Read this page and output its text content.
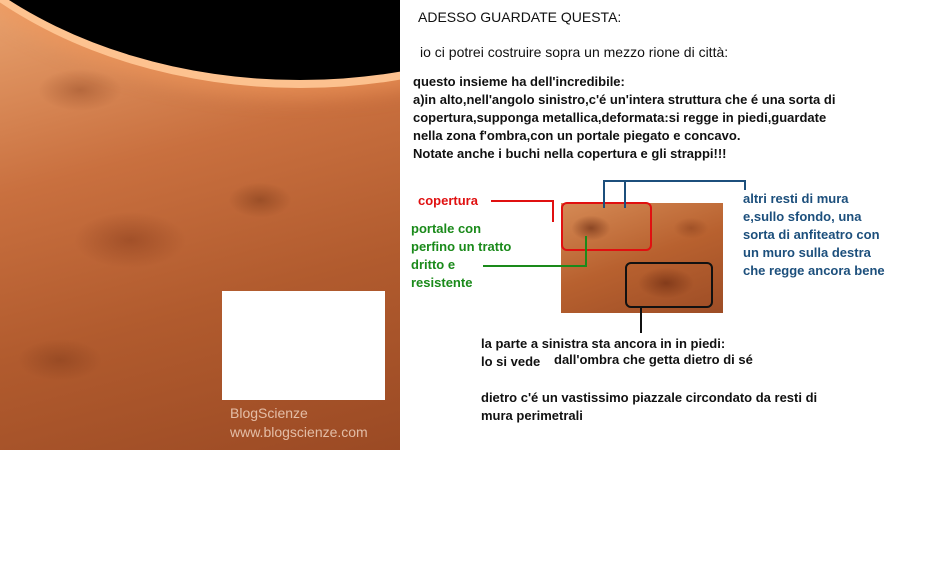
BlogScienze
www.blogscienze.com
ADESSO GUARDATE QUESTA:
io ci potrei costruire sopra un mezzo rione di città:
questo insieme ha dell'incredibile:
a)in alto,nell'angolo sinistro,c'é un'intera struttura che é una sorta di
copertura,supponga metallica,deformata:si regge in piedi,guardate
nella zona f'ombra,con un portale piegato e concavo.
Notate anche i buchi nella copertura e gli strappi!!!
copertura
portale con
perfino un tratto
dritto e
resistente
altri resti di mura
e,sullo sfondo, una
sorta di anfiteatro con
un muro sulla destra
che regge ancora bene
la parte a sinistra sta ancora in in piedi:
lo si vede dall'ombra che getta dietro di sé
dietro c'é un vastissimo piazzale circondato da resti di
mura perimetrali
